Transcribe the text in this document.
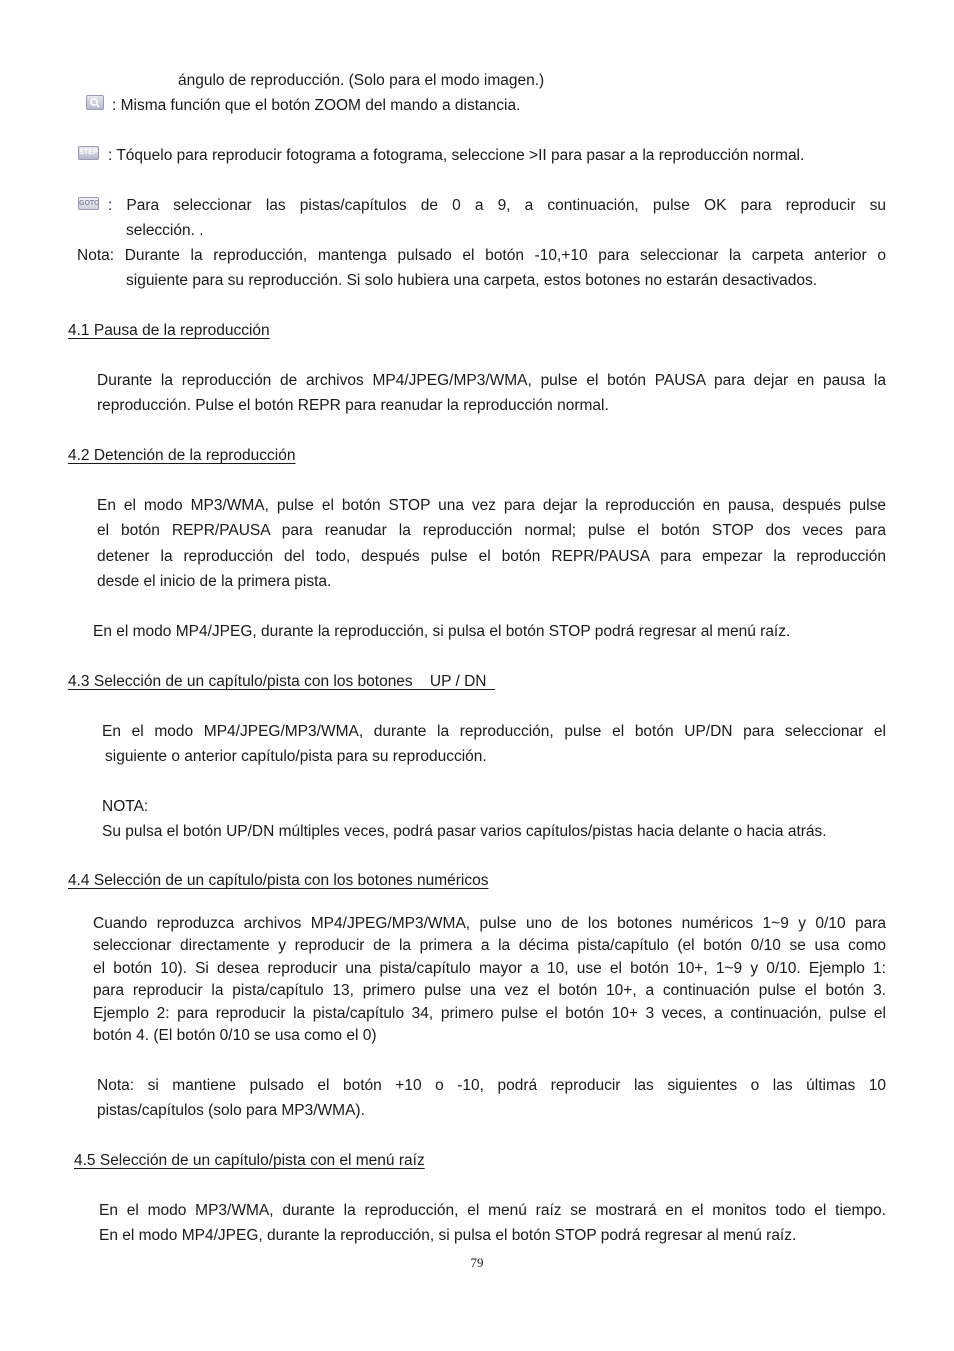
ángulo de reproducción. (Solo para el modo imagen.)
: Misma función que el botón ZOOM del mando a distancia.
STEP : Tóquelo para reproducir fotograma a fotograma, seleccione >II para pasar a la reproducción normal.
GOTO : Para seleccionar las pistas/capítulos de 0 a 9, a continuación, pulse OK para reproducir su
selección. .
Nota: Durante la reproducción, mantenga pulsado el botón -10,+10 para seleccionar la carpeta anterior o
siguiente para su reproducción. Si solo hubiera una carpeta, estos botones no estarán desactivados.
4.1 Pausa de la reproducción
Durante la reproducción de archivos MP4/JPEG/MP3/WMA, pulse el botón PAUSA para dejar en pausa la
reproducción. Pulse el botón REPR para reanudar la reproducción normal.
4.2 Detención de la reproducción
En el modo MP3/WMA, pulse el botón STOP una vez para dejar la reproducción en pausa, después pulse
el botón REPR/PAUSA para reanudar la reproducción normal; pulse el botón STOP dos veces para
detener la reproducción del todo, después pulse el botón REPR/PAUSA para empezar la reproducción
desde el inicio de la primera pista.
En el modo MP4/JPEG, durante la reproducción, si pulsa el botón STOP podrá regresar al menú raíz.
4.3 Selección de un capítulo/pista con los botones    UP / DN
En el modo MP4/JPEG/MP3/WMA, durante la reproducción, pulse el botón UP/DN para seleccionar el
siguiente o anterior capítulo/pista para su reproducción.
NOTA:
Su pulsa el botón UP/DN múltiples veces, podrá pasar varios capítulos/pistas hacia delante o hacia atrás.
4.4 Selección de un capítulo/pista con los botones numéricos
Cuando reproduzca archivos MP4/JPEG/MP3/WMA, pulse uno de los botones numéricos 1~9 y 0/10 para
seleccionar directamente y reproducir de la primera a la décima pista/capítulo (el botón 0/10 se usa como
el botón 10). Si desea reproducir una pista/capítulo mayor a 10, use el botón 10+, 1~9 y 0/10. Ejemplo 1:
para reproducir la pista/capítulo 13, primero pulse una vez el botón 10+, a continuación pulse el botón 3.
Ejemplo 2: para reproducir la pista/capítulo 34, primero pulse el botón 10+ 3 veces, a continuación, pulse el
botón 4. (El botón 0/10 se usa como el 0)
Nota: si mantiene pulsado el botón +10 o -10, podrá reproducir las siguientes o las últimas 10
pistas/capítulos (solo para MP3/WMA).
4.5 Selección de un capítulo/pista con el menú raíz
En el modo MP3/WMA, durante la reproducción, el menú raíz se mostrará en el monitos todo el tiempo.
En el modo MP4/JPEG, durante la reproducción, si pulsa el botón STOP podrá regresar al menú raíz.
79
